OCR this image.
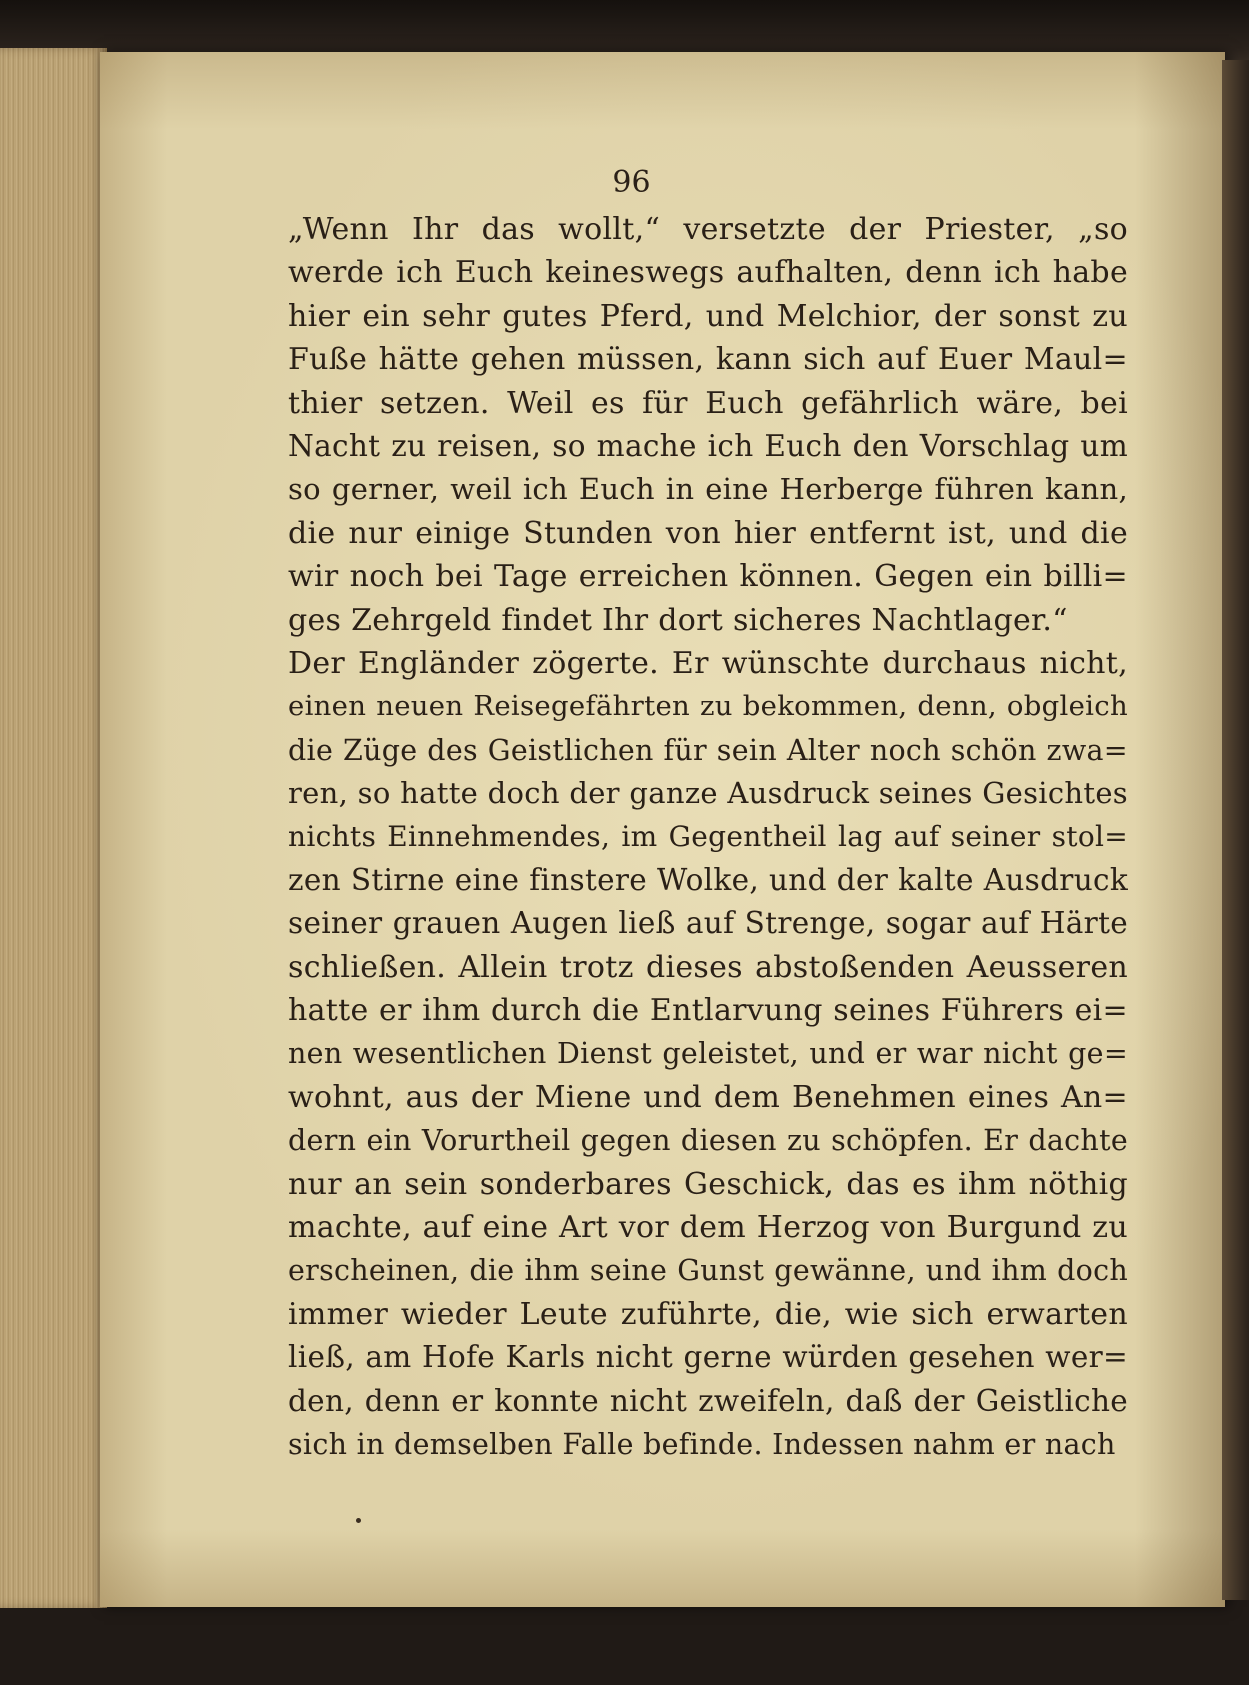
96
„Wenn Ihr das wollt,“ versetzte der Priester, „so
werde ich Euch keineswegs aufhalten, denn ich habe
hier ein sehr gutes Pferd, und Melchior, der sonst zu
Fuße hätte gehen müssen, kann sich auf Euer Maul=
thier setzen. Weil es für Euch gefährlich wäre, bei
Nacht zu reisen, so mache ich Euch den Vorschlag um
so gerner, weil ich Euch in eine Herberge führen kann,
die nur einige Stunden von hier entfernt ist, und die
wir noch bei Tage erreichen können. Gegen ein billi=
ges Zehrgeld findet Ihr dort sicheres Nachtlager.“
Der Engländer zögerte. Er wünschte durchaus nicht,
einen neuen Reisegefährten zu bekommen, denn, obgleich
die Züge des Geistlichen für sein Alter noch schön zwa=
ren, so hatte doch der ganze Ausdruck seines Gesichtes
nichts Einnehmendes, im Gegentheil lag auf seiner stol=
zen Stirne eine finstere Wolke, und der kalte Ausdruck
seiner grauen Augen ließ auf Strenge, sogar auf Härte
schließen. Allein trotz dieses abstoßenden Aeusseren
hatte er ihm durch die Entlarvung seines Führers ei=
nen wesentlichen Dienst geleistet, und er war nicht ge=
wohnt, aus der Miene und dem Benehmen eines An=
dern ein Vorurtheil gegen diesen zu schöpfen. Er dachte
nur an sein sonderbares Geschick, das es ihm nöthig
machte, auf eine Art vor dem Herzog von Burgund zu
erscheinen, die ihm seine Gunst gewänne, und ihm doch
immer wieder Leute zuführte, die, wie sich erwarten
ließ, am Hofe Karls nicht gerne würden gesehen wer=
den, denn er konnte nicht zweifeln, daß der Geistliche
sich in demselben Falle befinde. Indessen nahm er nach
